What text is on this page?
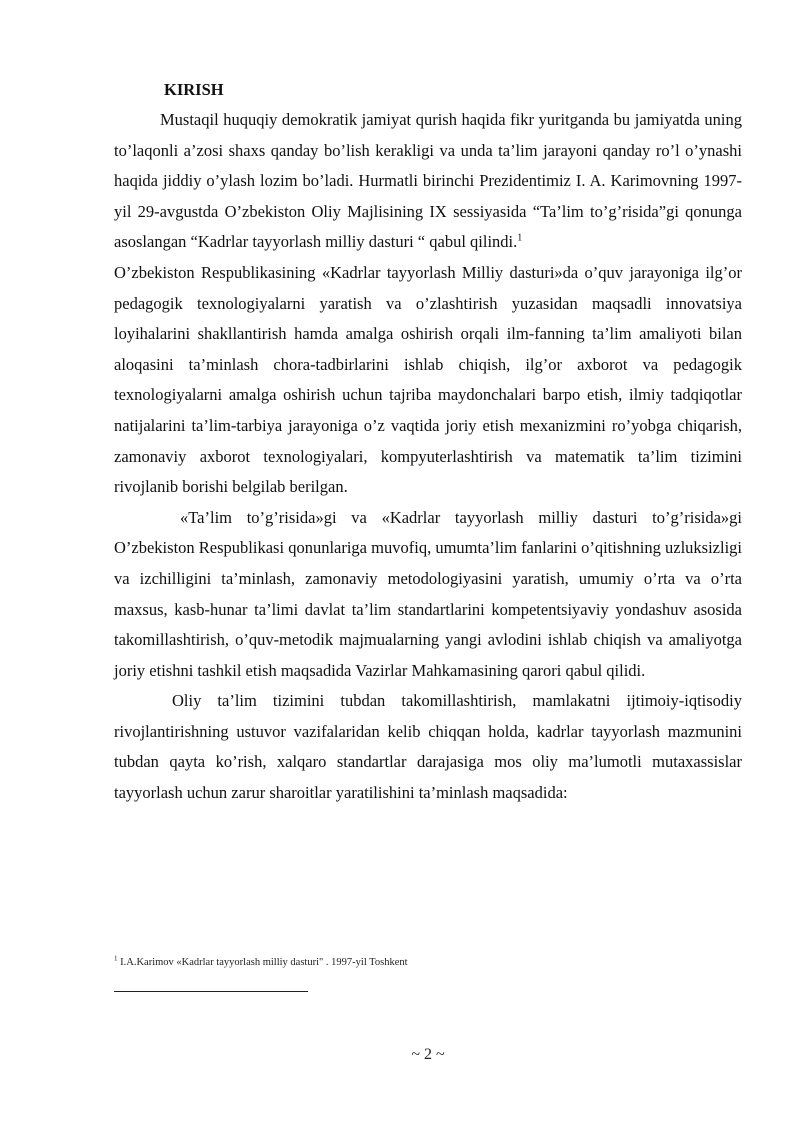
KIRISH

Mustaqil huquqiy demokratik jamiyat qurish haqida fikr yuritganda bu jamiyatda uning to’laqonli a’zosi shaxs qanday bo’lish kerakligi va unda ta’lim jarayoni qanday ro’l o’ynashi haqida jiddiy o’ylash lozim bo’ladi. Hurmatli birinchi Prezidentimiz I. A. Karimovning 1997- yil 29-avgustda O’zbekiston Oliy Majlisining IX sessiyasida “Ta’lim to’g’risida”gi qonunga asoslangan “Kadrlar tayyorlash milliy dasturi “ qabul qilindi.$^1$

O’zbekiston Respublikasining «Kadrlar tayyorlash Milliy dasturi»da o’quv jarayoniga ilg’or pedagogik texnologiyalarni yaratish va o’zlashtirish yuzasidan maqsadli innovatsiya loyihalarini shakllantirish hamda amalga oshirish orqali ilm-fanning ta’lim amaliyoti bilan aloqasini ta’minlash chora-tadbirlarini ishlab chiqish, ilg’or axborot va pedagogik texnologiyalarni amalga oshirish uchun tajriba maydonchalari barpo etish, ilmiy tadqiqotlar natijalarini ta’lim-tarbiya jarayoniga o’z vaqtida joriy etish mexanizmini ro’yobga chiqarish, zamonaviy axborot texnologiyalari, kompyuterlashtirish va matematik ta’lim tizimini rivojlanib borishi belgilab berilgan.

«Ta’lim to’g’risida»gi va «Kadrlar tayyorlash milliy dasturi to’g’risida»gi O’zbekiston Respublikasi qonunlariga muvofiq, umumta’lim fanlarini o’qitishning uzluksizligi va izchilligini ta’minlash, zamonaviy metodologiyasini yaratish, umumiy o’rta va o’rta maxsus, kasb-hunar ta’limi davlat ta’lim standartlarini kompetentsiyaviy yondashuv asosida takomillashtirish, o’quv-metodik majmualarning yangi avlodini ishlab chiqish va amaliyotga joriy etishni tashkil etish maqsadida Vazirlar Mahkamasining qarori qabul qilidi.

Oliy ta’lim tizimini tubdan takomillashtirish, mamlakatni ijtimoiy-iqtisodiy rivojlantirishning ustuvor vazifalaridan kelib chiqqan holda, kadrlar tayyorlash mazmunini tubdan qayta ko’rish, xalqaro standartlar darajasiga mos oliy ma’lumotli mutaxassislar tayyorlash uchun zarur sharoitlar yaratilishini ta’minlash maqsadida:

$^1$ I.A.Karimov «Kadrlar tayyorlash milliy dasturi" . 1997-yil Toshkent
~ 2 ~
